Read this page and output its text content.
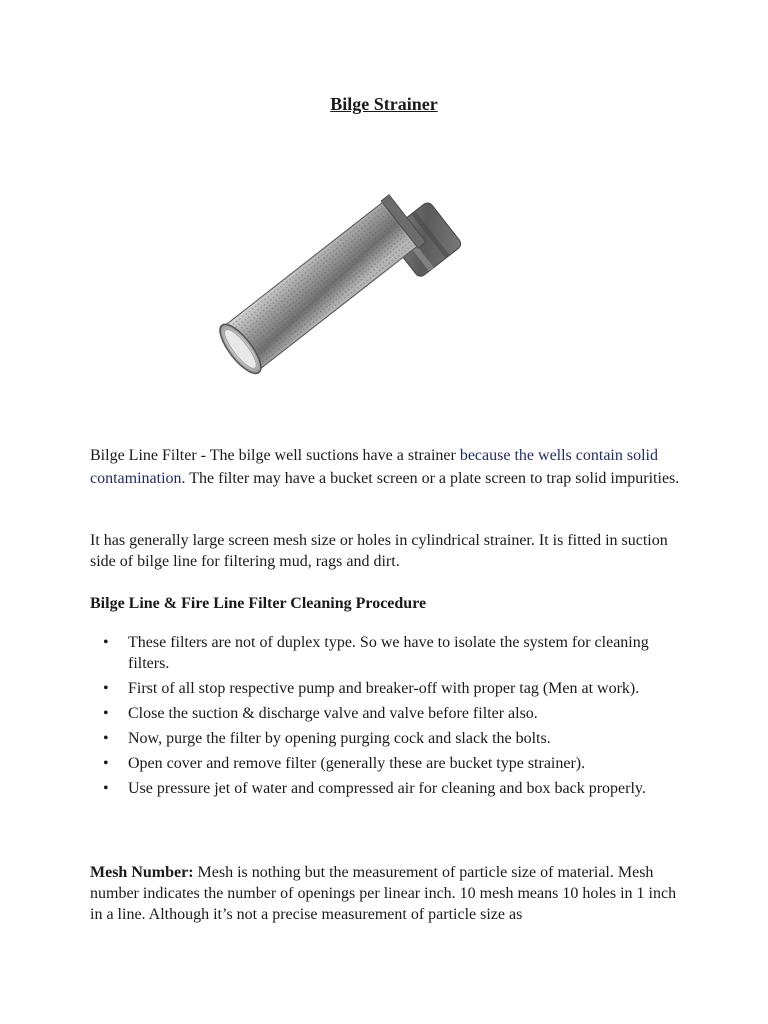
Bilge Strainer
Bilge Line Filter - The bilge well suctions have a strainer because the wells contain solid contamination. The filter may have a bucket screen or a plate screen to trap solid impurities.
It has generally large screen mesh size or holes in cylindrical strainer. It is fitted in suction side of bilge line for filtering mud, rags and dirt.
Bilge Line & Fire Line Filter Cleaning Procedure
• These filters are not of duplex type. So we have to isolate the system for cleaning filters.
• First of all stop respective pump and breaker-off with proper tag (Men at work).
• Close the suction & discharge valve and valve before filter also.
• Now, purge the filter by opening purging cock and slack the bolts.
• Open cover and remove filter (generally these are bucket type strainer).
• Use pressure jet of water and compressed air for cleaning and box back properly.
Mesh Number: Mesh is nothing but the measurement of particle size of material. Mesh number indicates the number of openings per linear inch. 10 mesh means 10 holes in 1 inch in a line. Although it’s not a precise measurement of particle size as
